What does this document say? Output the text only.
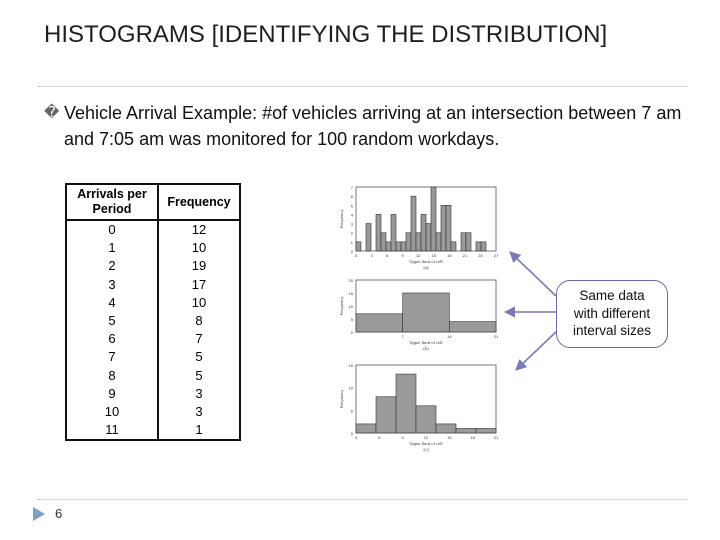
HISTOGRAMS [IDENTIFYING THE DISTRIBUTION]
� Vehicle Arrival Example: #of vehicles arriving at an intersection between 7 am and 7:05 am was monitored for 100 random workdays.
Arrivals per Period	Frequency
0	12
1	10
2	19
3	17
4	10
5	8
6	7
7	5
8	5
9	3
10	3
11	1
0
1
2
3
4
5
6
7
0	3	6	9	12	15	18	21	24	27
Upper limit of cell
Frequency
(a)
0
5
10
15
20
7	14	21
Upper limit of cell
Frequency
(b)
0
5
10
15
3	6	9	12	15	18	21
Upper limit of cell
Frequency
(c)
Same data
with different
interval sizes
6
